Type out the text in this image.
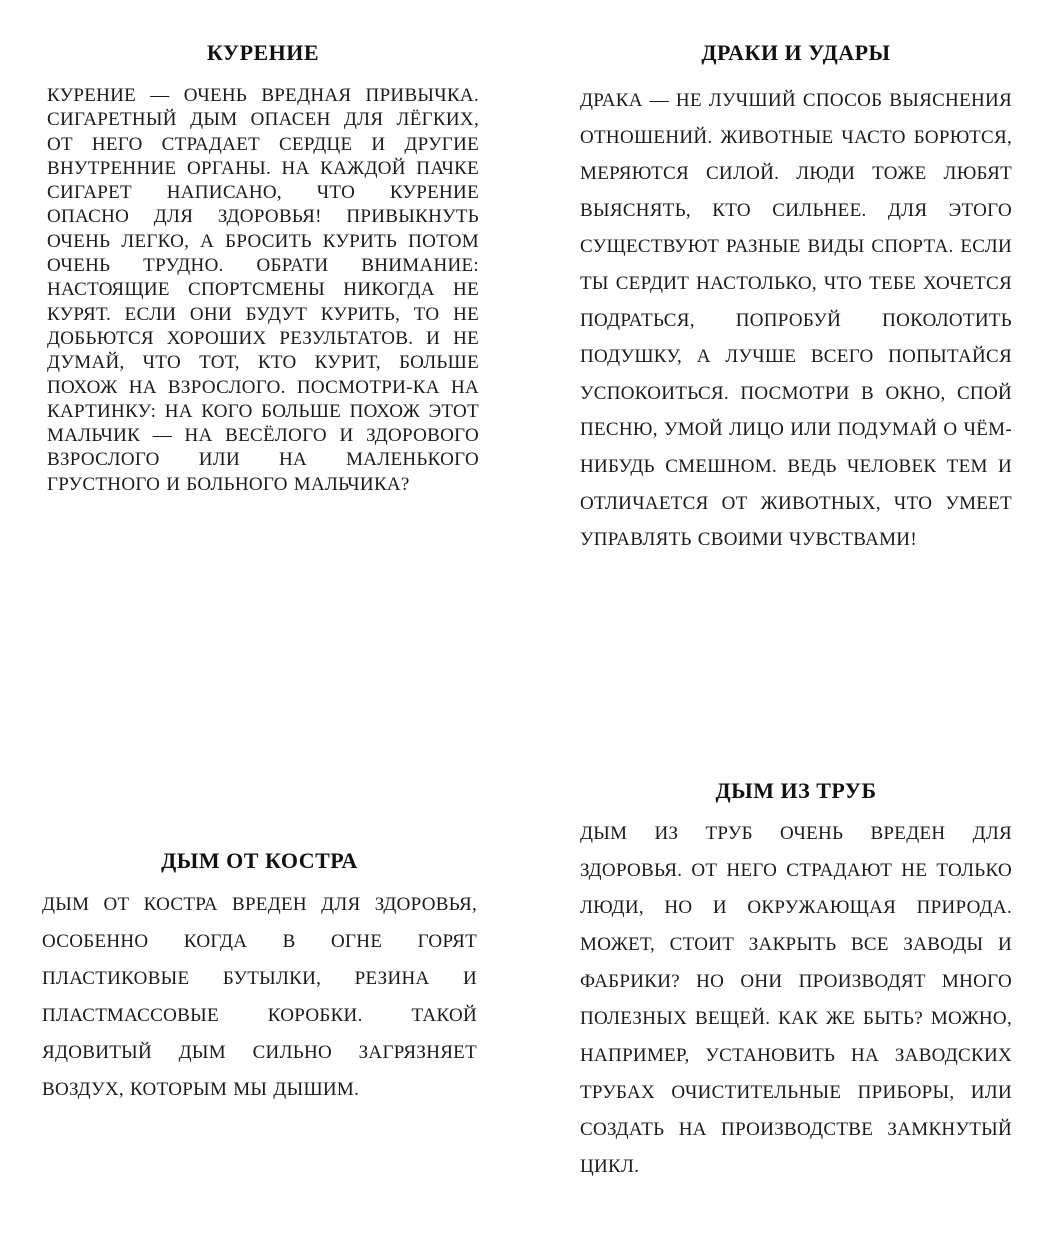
КУРЕНИЕ

КУРЕНИЕ — ОЧЕНЬ ВРЕДНАЯ ПРИВЫЧКА. СИГАРЕТНЫЙ ДЫМ ОПАСЕН ДЛЯ ЛЁГКИХ, ОТ НЕГО СТРАДАЕТ СЕРДЦЕ И ДРУГИЕ ВНУТРЕННИЕ ОРГАНЫ. НА КАЖДОЙ ПАЧКЕ СИГАРЕТ НАПИСАНО, ЧТО КУРЕНИЕ ОПАСНО ДЛЯ ЗДОРОВЬЯ! ПРИВЫКНУТЬ ОЧЕНЬ ЛЕГКО, А БРОСИТЬ КУРИТЬ ПОТОМ ОЧЕНЬ ТРУДНО. ОБРАТИ ВНИМАНИЕ: НАСТОЯЩИЕ СПОРТСМЕНЫ НИКОГДА НЕ КУРЯТ. ЕСЛИ ОНИ БУДУТ КУРИТЬ, ТО НЕ ДОБЬЮТСЯ ХОРОШИХ РЕЗУЛЬТАТОВ. И НЕ ДУМАЙ, ЧТО ТОТ, КТО КУРИТ, БОЛЬШЕ ПОХОЖ НА ВЗРОСЛОГО. ПОСМОТРИ-КА НА КАРТИНКУ: НА КОГО БОЛЬШЕ ПОХОЖ ЭТОТ МАЛЬЧИК — НА ВЕСЁЛОГО И ЗДОРОВОГО ВЗРОСЛОГО ИЛИ НА МАЛЕНЬКОГО ГРУСТНОГО И БОЛЬНОГО МАЛЬЧИКА?

ДРАКИ И УДАРЫ

ДРАКА — НЕ ЛУЧШИЙ СПОСОБ ВЫЯСНЕНИЯ ОТНОШЕНИЙ. ЖИВОТНЫЕ ЧАСТО БОРЮТСЯ, МЕРЯЮТСЯ СИЛОЙ. ЛЮДИ ТОЖЕ ЛЮБЯТ ВЫЯСНЯТЬ, КТО СИЛЬНЕЕ. ДЛЯ ЭТОГО СУЩЕСТВУЮТ РАЗНЫЕ ВИДЫ СПОРТА. ЕСЛИ ТЫ СЕРДИТ НАСТОЛЬКО, ЧТО ТЕБЕ ХОЧЕТСЯ ПОДРАТЬСЯ, ПОПРОБУЙ ПОКОЛОТИТЬ ПОДУШКУ, А ЛУЧШЕ ВСЕГО ПОПЫТАЙСЯ УСПОКОИТЬСЯ. ПОСМОТРИ В ОКНО, СПОЙ ПЕСНЮ, УМОЙ ЛИЦО ИЛИ ПОДУМАЙ О ЧЁМ-НИБУДЬ СМЕШНОМ. ВЕДЬ ЧЕЛОВЕК ТЕМ И ОТЛИЧАЕТСЯ ОТ ЖИВОТНЫХ, ЧТО УМЕЕТ УПРАВЛЯТЬ СВОИМИ ЧУВСТВАМИ!

ДЫМ ОТ КОСТРА

ДЫМ ОТ КОСТРА ВРЕДЕН ДЛЯ ЗДОРОВЬЯ, ОСОБЕННО КОГДА В ОГНЕ ГОРЯТ ПЛАСТИКОВЫЕ БУТЫЛКИ, РЕЗИНА И ПЛАСТМАССОВЫЕ КОРОБКИ. ТАКОЙ ЯДОВИТЫЙ ДЫМ СИЛЬНО ЗАГРЯЗНЯЕТ ВОЗДУХ, КОТОРЫМ МЫ ДЫШИМ.

ДЫМ ИЗ ТРУБ

ДЫМ ИЗ ТРУБ ОЧЕНЬ ВРЕДЕН ДЛЯ ЗДОРОВЬЯ. ОТ НЕГО СТРАДАЮТ НЕ ТОЛЬКО ЛЮДИ, НО И ОКРУЖАЮЩАЯ ПРИРОДА. МОЖЕТ, СТОИТ ЗАКРЫТЬ ВСЕ ЗАВОДЫ И ФАБРИКИ? НО ОНИ ПРОИЗВОДЯТ МНОГО ПОЛЕЗНЫХ ВЕЩЕЙ. КАК ЖЕ БЫТЬ? МОЖНО, НАПРИМЕР, УСТАНОВИТЬ НА ЗАВОДСКИХ ТРУБАХ ОЧИСТИТЕЛЬНЫЕ ПРИБОРЫ, ИЛИ СОЗДАТЬ НА ПРОИЗВОДСТВЕ ЗАМКНУТЫЙ ЦИКЛ.
